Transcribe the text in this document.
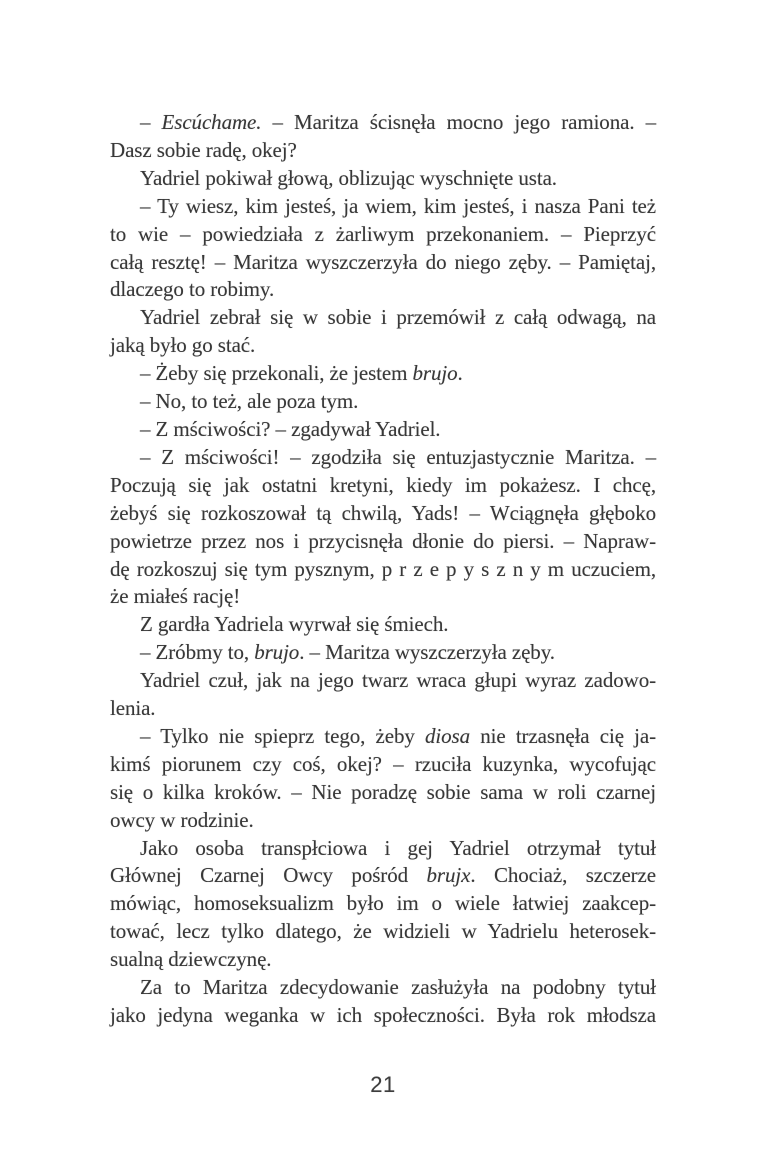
– Escúchame. – Maritza ścisnęła mocno jego ramiona. –
Dasz sobie radę, okej?
Yadriel pokiwał głową, oblizując wyschnięte usta.
– Ty wiesz, kim jesteś, ja wiem, kim jesteś, i nasza Pani też
to wie – powiedziała z żarliwym przekonaniem. – Pieprzyć
całą resztę! – Maritza wyszczerzyła do niego zęby. – Pamiętaj,
dlaczego to robimy.
Yadriel zebrał się w sobie i przemówił z całą odwagą, na
jaką było go stać.
– Żeby się przekonali, że jestem brujo.
– No, to też, ale poza tym.
– Z mściwości? – zgadywał Yadriel.
– Z mściwości! – zgodziła się entuzjastycznie Maritza. –
Poczują się jak ostatni kretyni, kiedy im pokażesz. I chcę,
żebyś się rozkoszował tą chwilą, Yads! – Wciągnęła głęboko
powietrze przez nos i przycisnęła dłonie do piersi. – Napraw-
dę rozkoszuj się tym pysznym, p r z e p y s z n y m uczuciem,
że miałeś rację!
Z gardła Yadriela wyrwał się śmiech.
– Zróbmy to, brujo. – Maritza wyszczerzyła zęby.
Yadriel czuł, jak na jego twarz wraca głupi wyraz zadowo-
lenia.
– Tylko nie spieprz tego, żeby diosa nie trzasnęła cię ja-
kimś piorunem czy coś, okej? – rzuciła kuzynka, wycofując
się o kilka kroków. – Nie poradzę sobie sama w roli czarnej
owcy w rodzinie.
Jako osoba transpłciowa i gej Yadriel otrzymał tytuł
Głównej Czarnej Owcy pośród brujx. Chociaż, szczerze
mówiąc, homoseksualizm było im o wiele łatwiej zaakcep-
tować, lecz tylko dlatego, że widzieli w Yadrielu heterosek-
sualną dziewczynę.
Za to Maritza zdecydowanie zasłużyła na podobny tytuł
jako jedyna weganka w ich społeczności. Była rok młodsza
21
